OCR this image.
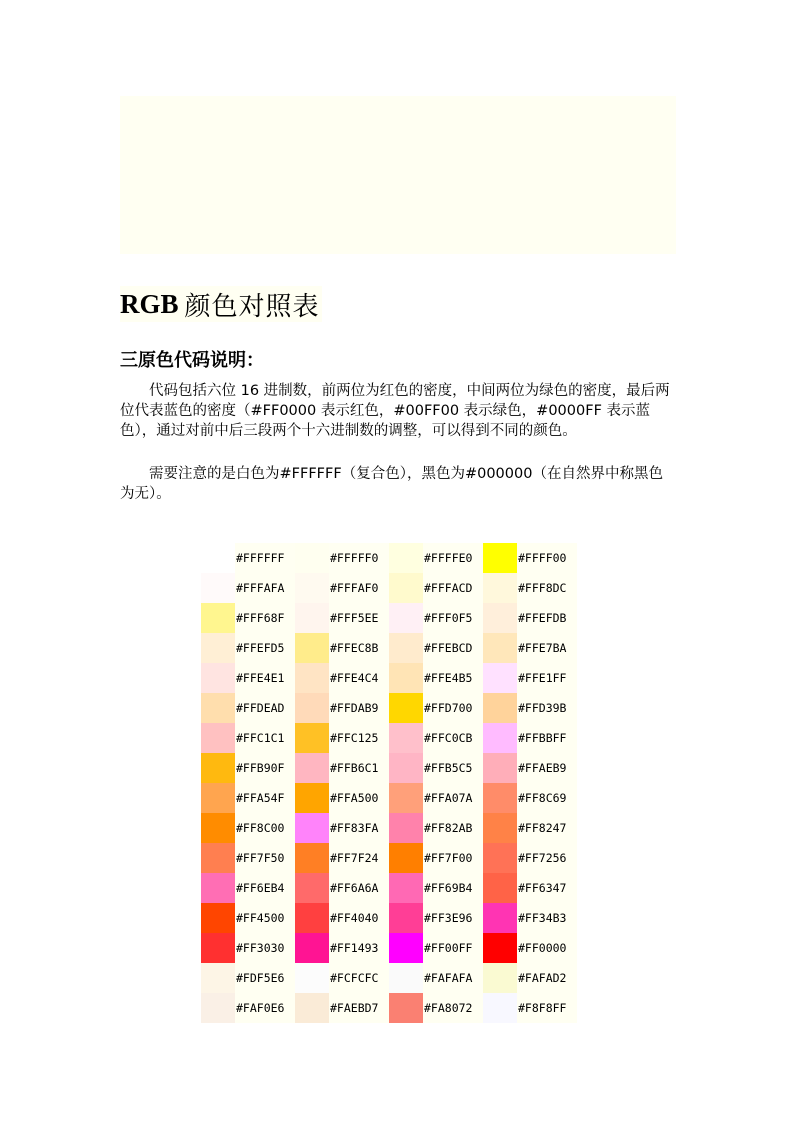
RGB 颜色对照表
三原色代码说明：
代码包括六位 16 进制数，前两位为红色的密度，中间两位为绿色的密度，最后两位代表蓝色的密度（#FF0000 表示红色，#00FF00 表示绿色，#0000FF 表示蓝色），通过对前中后三段两个十六进制数的调整，可以得到不同的颜色。
需要注意的是白色为#FFFFFF（复合色），黑色为#000000（在自然界中称黑色为无）。
#FFFFFF	#FFFFF0	#FFFFE0	#FFFF00
#FFFAFA	#FFFAF0	#FFFACD	#FFF8DC
#FFF68F	#FFF5EE	#FFF0F5	#FFEFDB
#FFEFD5	#FFEC8B	#FFEBCD	#FFE7BA
#FFE4E1	#FFE4C4	#FFE4B5	#FFE1FF
#FFDEAD	#FFDAB9	#FFD700	#FFD39B
#FFC1C1	#FFC125	#FFC0CB	#FFBBFF
#FFB90F	#FFB6C1	#FFB5C5	#FFAEB9
#FFA54F	#FFA500	#FFA07A	#FF8C69
#FF8C00	#FF83FA	#FF82AB	#FF8247
#FF7F50	#FF7F24	#FF7F00	#FF7256
#FF6EB4	#FF6A6A	#FF69B4	#FF6347
#FF4500	#FF4040	#FF3E96	#FF34B3
#FF3030	#FF1493	#FF00FF	#FF0000
#FDF5E6	#FCFCFC	#FAFAFA	#FAFAD2
#FAF0E6	#FAEBD7	#FA8072	#F8F8FF
